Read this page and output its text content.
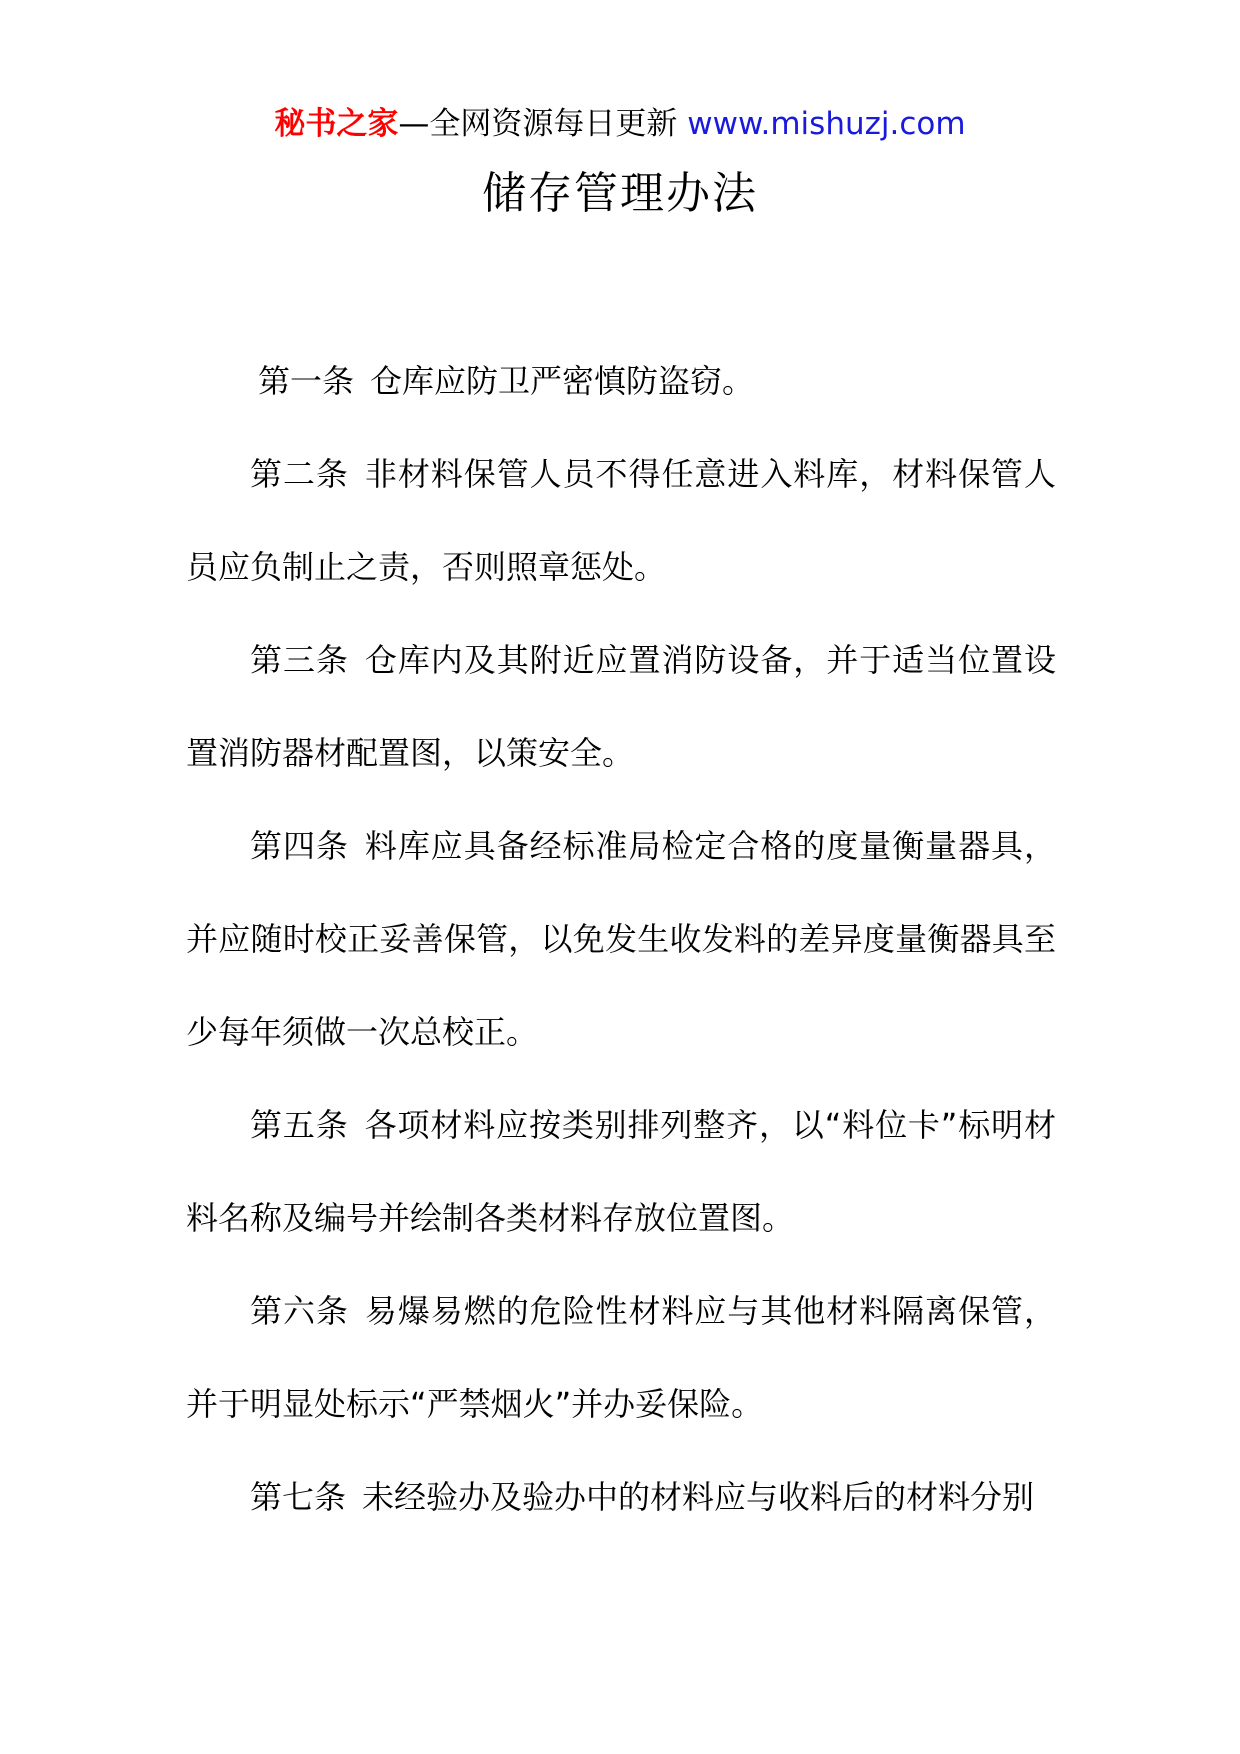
秘书之家—全网资源每日更新 www.mishuzj.com
储存管理办法

第一条 仓库应防卫严密慎防盗窃。

第二条 非材料保管人员不得任意进入料库，材料保管人员应负制止之责，否则照章惩处。

第三条 仓库内及其附近应置消防设备，并于适当位置设置消防器材配置图，以策安全。

第四条 料库应具备经标准局检定合格的度量衡量器具，并应随时校正妥善保管，以免发生收发料的差异度量衡器具至少每年须做一次总校正。

第五条 各项材料应按类别排列整齐，以“料位卡”标明材料名称及编号并绘制各类材料存放位置图。

第六条 易爆易燃的危险性材料应与其他材料隔离保管，并于明显处标示“严禁烟火”并办妥保险。

第七条 未经验办及验办中的材料应与收料后的材料分别
